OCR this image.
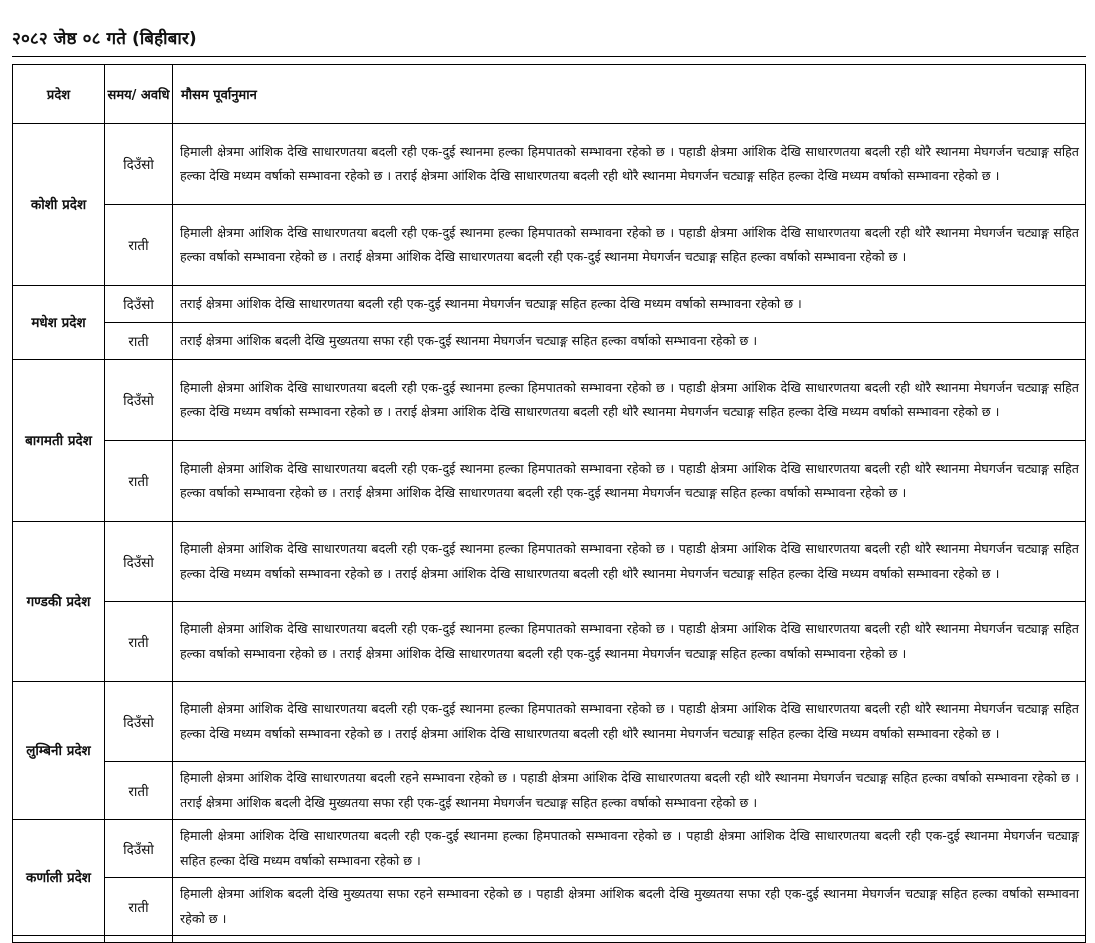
२०८२ जेष्ठ ०८ गते (बिहीबार)
प्रदेश	समय/ अवधि	मौसम पूर्वानुमान
कोशी प्रदेश	दिउँसो	हिमाली क्षेत्रमा आंशिक देखि साधारणतया बदली रही एक-दुई स्थानमा हल्का हिमपातको सम्भावना रहेको छ । पहाडी क्षेत्रमा आंशिक देखि साधारणतया बदली रही थोरै स्थानमा मेघगर्जन चट्याङ्ग सहित हल्का देखि मध्यम वर्षाको सम्भावना रहेको छ । तराई क्षेत्रमा आंशिक देखि साधारणतया बदली रही थोरै स्थानमा मेघगर्जन चट्याङ्ग सहित हल्का देखि मध्यम वर्षाको सम्भावना रहेको छ ।
	राती	हिमाली क्षेत्रमा आंशिक देखि साधारणतया बदली रही एक-दुई स्थानमा हल्का हिमपातको सम्भावना रहेको छ । पहाडी क्षेत्रमा आंशिक देखि साधारणतया बदली रही थोरै स्थानमा मेघगर्जन चट्याङ्ग सहित हल्का वर्षाको सम्भावना रहेको छ । तराई क्षेत्रमा आंशिक देखि साधारणतया बदली रही एक-दुई स्थानमा मेघगर्जन चट्याङ्ग सहित हल्का वर्षाको सम्भावना रहेको छ ।
मधेश प्रदेश	दिउँसो	तराई क्षेत्रमा आंशिक देखि साधारणतया बदली रही एक-दुई स्थानमा मेघगर्जन चट्याङ्ग सहित हल्का देखि मध्यम वर्षाको सम्भावना रहेको छ ।
	राती	तराई क्षेत्रमा आंशिक बदली देखि मुख्यतया सफा रही एक-दुई स्थानमा मेघगर्जन चट्याङ्ग सहित हल्का वर्षाको सम्भावना रहेको छ ।
बागमती प्रदेश	दिउँसो	हिमाली क्षेत्रमा आंशिक देखि साधारणतया बदली रही एक-दुई स्थानमा हल्का हिमपातको सम्भावना रहेको छ । पहाडी क्षेत्रमा आंशिक देखि साधारणतया बदली रही थोरै स्थानमा मेघगर्जन चट्याङ्ग सहित हल्का देखि मध्यम वर्षाको सम्भावना रहेको छ । तराई क्षेत्रमा आंशिक देखि साधारणतया बदली रही थोरै स्थानमा मेघगर्जन चट्याङ्ग सहित हल्का देखि मध्यम वर्षाको सम्भावना रहेको छ ।
	राती	हिमाली क्षेत्रमा आंशिक देखि साधारणतया बदली रही एक-दुई स्थानमा हल्का हिमपातको सम्भावना रहेको छ । पहाडी क्षेत्रमा आंशिक देखि साधारणतया बदली रही थोरै स्थानमा मेघगर्जन चट्याङ्ग सहित हल्का वर्षाको सम्भावना रहेको छ । तराई क्षेत्रमा आंशिक देखि साधारणतया बदली रही एक-दुई स्थानमा मेघगर्जन चट्याङ्ग सहित हल्का वर्षाको सम्भावना रहेको छ ।
गण्डकी प्रदेश	दिउँसो	हिमाली क्षेत्रमा आंशिक देखि साधारणतया बदली रही एक-दुई स्थानमा हल्का हिमपातको सम्भावना रहेको छ । पहाडी क्षेत्रमा आंशिक देखि साधारणतया बदली रही थोरै स्थानमा मेघगर्जन चट्याङ्ग सहित हल्का देखि मध्यम वर्षाको सम्भावना रहेको छ । तराई क्षेत्रमा आंशिक देखि साधारणतया बदली रही थोरै स्थानमा मेघगर्जन चट्याङ्ग सहित हल्का देखि मध्यम वर्षाको सम्भावना रहेको छ ।
	राती	हिमाली क्षेत्रमा आंशिक देखि साधारणतया बदली रही एक-दुई स्थानमा हल्का हिमपातको सम्भावना रहेको छ । पहाडी क्षेत्रमा आंशिक देखि साधारणतया बदली रही थोरै स्थानमा मेघगर्जन चट्याङ्ग सहित हल्का वर्षाको सम्भावना रहेको छ । तराई क्षेत्रमा आंशिक देखि साधारणतया बदली रही एक-दुई स्थानमा मेघगर्जन चट्याङ्ग सहित हल्का वर्षाको सम्भावना रहेको छ ।
लुम्बिनी प्रदेश	दिउँसो	हिमाली क्षेत्रमा आंशिक देखि साधारणतया बदली रही एक-दुई स्थानमा हल्का हिमपातको सम्भावना रहेको छ । पहाडी क्षेत्रमा आंशिक देखि साधारणतया बदली रही थोरै स्थानमा मेघगर्जन चट्याङ्ग सहित हल्का देखि मध्यम वर्षाको सम्भावना रहेको छ । तराई क्षेत्रमा आंशिक देखि साधारणतया बदली रही थोरै स्थानमा मेघगर्जन चट्याङ्ग सहित हल्का देखि मध्यम वर्षाको सम्भावना रहेको छ ।
	राती	हिमाली क्षेत्रमा आंशिक देखि साधारणतया बदली रहने सम्भावना रहेको छ । पहाडी क्षेत्रमा आंशिक देखि साधारणतया बदली रही थोरै स्थानमा मेघगर्जन चट्याङ्ग सहित हल्का वर्षाको सम्भावना रहेको छ । तराई क्षेत्रमा आंशिक बदली देखि मुख्यतया सफा रही एक-दुई स्थानमा मेघगर्जन चट्याङ्ग सहित हल्का वर्षाको सम्भावना रहेको छ ।
कर्णाली प्रदेश	दिउँसो	हिमाली क्षेत्रमा आंशिक देखि साधारणतया बदली रही एक-दुई स्थानमा हल्का हिमपातको सम्भावना रहेको छ । पहाडी क्षेत्रमा आंशिक देखि साधारणतया बदली रही एक-दुई स्थानमा मेघगर्जन चट्याङ्ग सहित हल्का देखि मध्यम वर्षाको सम्भावना रहेको छ ।
	राती	हिमाली क्षेत्रमा आंशिक बदली देखि मुख्यतया सफा रहने सम्भावना रहेको छ । पहाडी क्षेत्रमा आंशिक बदली देखि मुख्यतया सफा रही एक-दुई स्थानमा मेघगर्जन चट्याङ्ग सहित हल्का वर्षाको सम्भावना रहेको छ ।
